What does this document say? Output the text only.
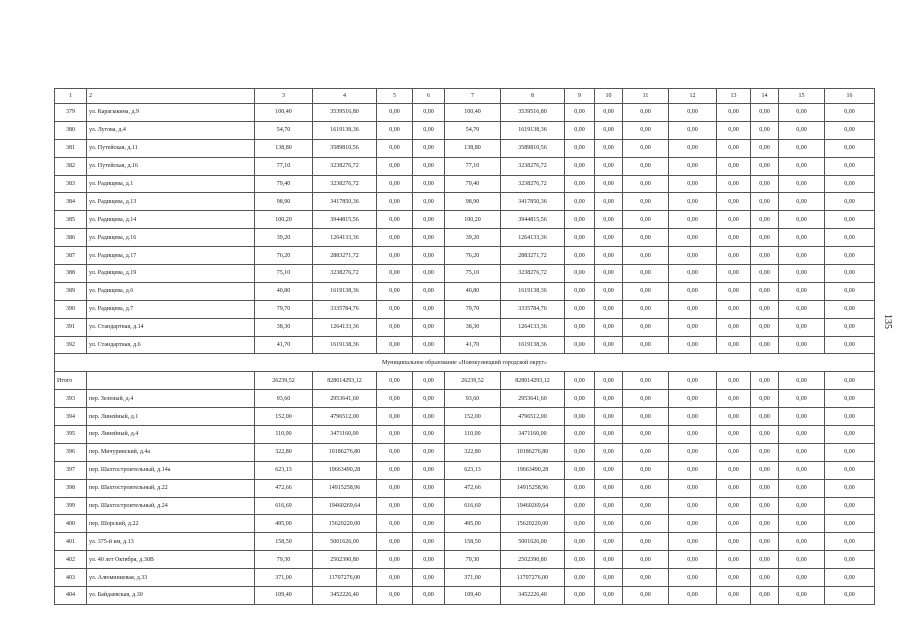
1	2	3	4	5	6	7	8	9	10	11	12	13	14	15	16
379	ул. Карагыкина, д.9	100,40	3539516,80	0,00	0,00	100,40	3539516,80	0,00	0,00	0,00	0,00	0,00	0,00	0,00	0,00
380	ул. Лугова, д.4	54,70	1619138,36	0,00	0,00	54,70	1619138,36	0,00	0,00	0,00	0,00	0,00	0,00	0,00	0,00
381	ул. Путейская, д.11	138,80	3589810,56	0,00	0,00	138,80	3589810,56	0,00	0,00	0,00	0,00	0,00	0,00	0,00	0,00
382	ул. Путейская, д.16	77,10	3238276,72	0,00	0,00	77,10	3238276,72	0,00	0,00	0,00	0,00	0,00	0,00	0,00	0,00
383	ул. Радищева, д.1	79,40	3238276,72	0,00	0,00	79,40	3238276,72	0,00	0,00	0,00	0,00	0,00	0,00	0,00	0,00
384	ул. Радищева, д.13	98,90	3417850,36	0,00	0,00	98,90	3417850,36	0,00	0,00	0,00	0,00	0,00	0,00	0,00	0,00
385	ул. Радищева, д.14	100,20	3944815,56	0,00	0,00	100,20	3944815,56	0,00	0,00	0,00	0,00	0,00	0,00	0,00	0,00
386	ул. Радищева, д.16	39,20	1264133,36	0,00	0,00	39,20	1264133,36	0,00	0,00	0,00	0,00	0,00	0,00	0,00	0,00
387	ул. Радищева, д.17	76,20	2883271,72	0,00	0,00	76,20	2883271,72	0,00	0,00	0,00	0,00	0,00	0,00	0,00	0,00
388	ул. Радищева, д.19	75,10	3238276,72	0,00	0,00	75,10	3238276,72	0,00	0,00	0,00	0,00	0,00	0,00	0,00	0,00
389	ул. Радищева, д.6	40,80	1619138,36	0,00	0,00	40,80	1619138,36	0,00	0,00	0,00	0,00	0,00	0,00	0,00	0,00
390	ул. Радищева, д.7	79,70	3335784,76	0,00	0,00	79,70	3335784,76	0,00	0,00	0,00	0,00	0,00	0,00	0,00	0,00
391	ул. Стандартная, д.14	38,30	1264133,36	0,00	0,00	38,30	1264133,36	0,00	0,00	0,00	0,00	0,00	0,00	0,00	0,00
392	ул. Стандартная, д.6	41,70	1619138,36	0,00	0,00	41,70	1619138,36	0,00	0,00	0,00	0,00	0,00	0,00	0,00	0,00
Муниципальное образование «Новокузнецкий городской округ»															
Итого		26239,52	828014293,12	0,00	0,00	26239,52	828014293,12	0,00	0,00	0,00	0,00	0,00	0,00	0,00	0,00
393	пер. Зеленый, д.4	93,60	2953641,60	0,00	0,00	93,60	2953641,60	0,00	0,00	0,00	0,00	0,00	0,00	0,00	0,00
394	пер. Линейный, д.1	152,00	4796512,00	0,00	0,00	152,00	4796512,00	0,00	0,00	0,00	0,00	0,00	0,00	0,00	0,00
395	пер. Линейный, д.4	110,00	3471160,00	0,00	0,00	110,00	3471160,00	0,00	0,00	0,00	0,00	0,00	0,00	0,00	0,00
396	пер. Мичуринский, д.4а	322,80	10186276,80	0,00	0,00	322,80	10186276,80	0,00	0,00	0,00	0,00	0,00	0,00	0,00	0,00
397	пер. Шахтостроительный, д.14а	623,13	19663490,28	0,00	0,00	623,13	19663490,28	0,00	0,00	0,00	0,00	0,00	0,00	0,00	0,00
398	пер. Шахтостроительный, д.22	472,66	14915258,96	0,00	0,00	472,66	14915258,96	0,00	0,00	0,00	0,00	0,00	0,00	0,00	0,00
399	пер. Шахтостроительный, д.24	616,69	19460269,64	0,00	0,00	616,69	19460269,64	0,00	0,00	0,00	0,00	0,00	0,00	0,00	0,00
400	пер. Шорский, д.22	495,00	15620220,00	0,00	0,00	495,00	15620220,00	0,00	0,00	0,00	0,00	0,00	0,00	0,00	0,00
401	ул. 375-й км, д.13	158,50	5001626,00	0,00	0,00	158,50	5001626,00	0,00	0,00	0,00	0,00	0,00	0,00	0,00	0,00
402	ул. 40 лет Октября, д.30В	79,30	2502390,80	0,00	0,00	79,30	2502390,80	0,00	0,00	0,00	0,00	0,00	0,00	0,00	0,00
403	ул. Алюминиевая, д.33	371,00	11707276,00	0,00	0,00	371,00	11707276,00	0,00	0,00	0,00	0,00	0,00	0,00	0,00	0,00
404	ул. Байдаевская, д.30	109,40	3452226,40	0,00	0,00	109,40	3452226,40	0,00	0,00	0,00	0,00	0,00	0,00	0,00	0,00
135
